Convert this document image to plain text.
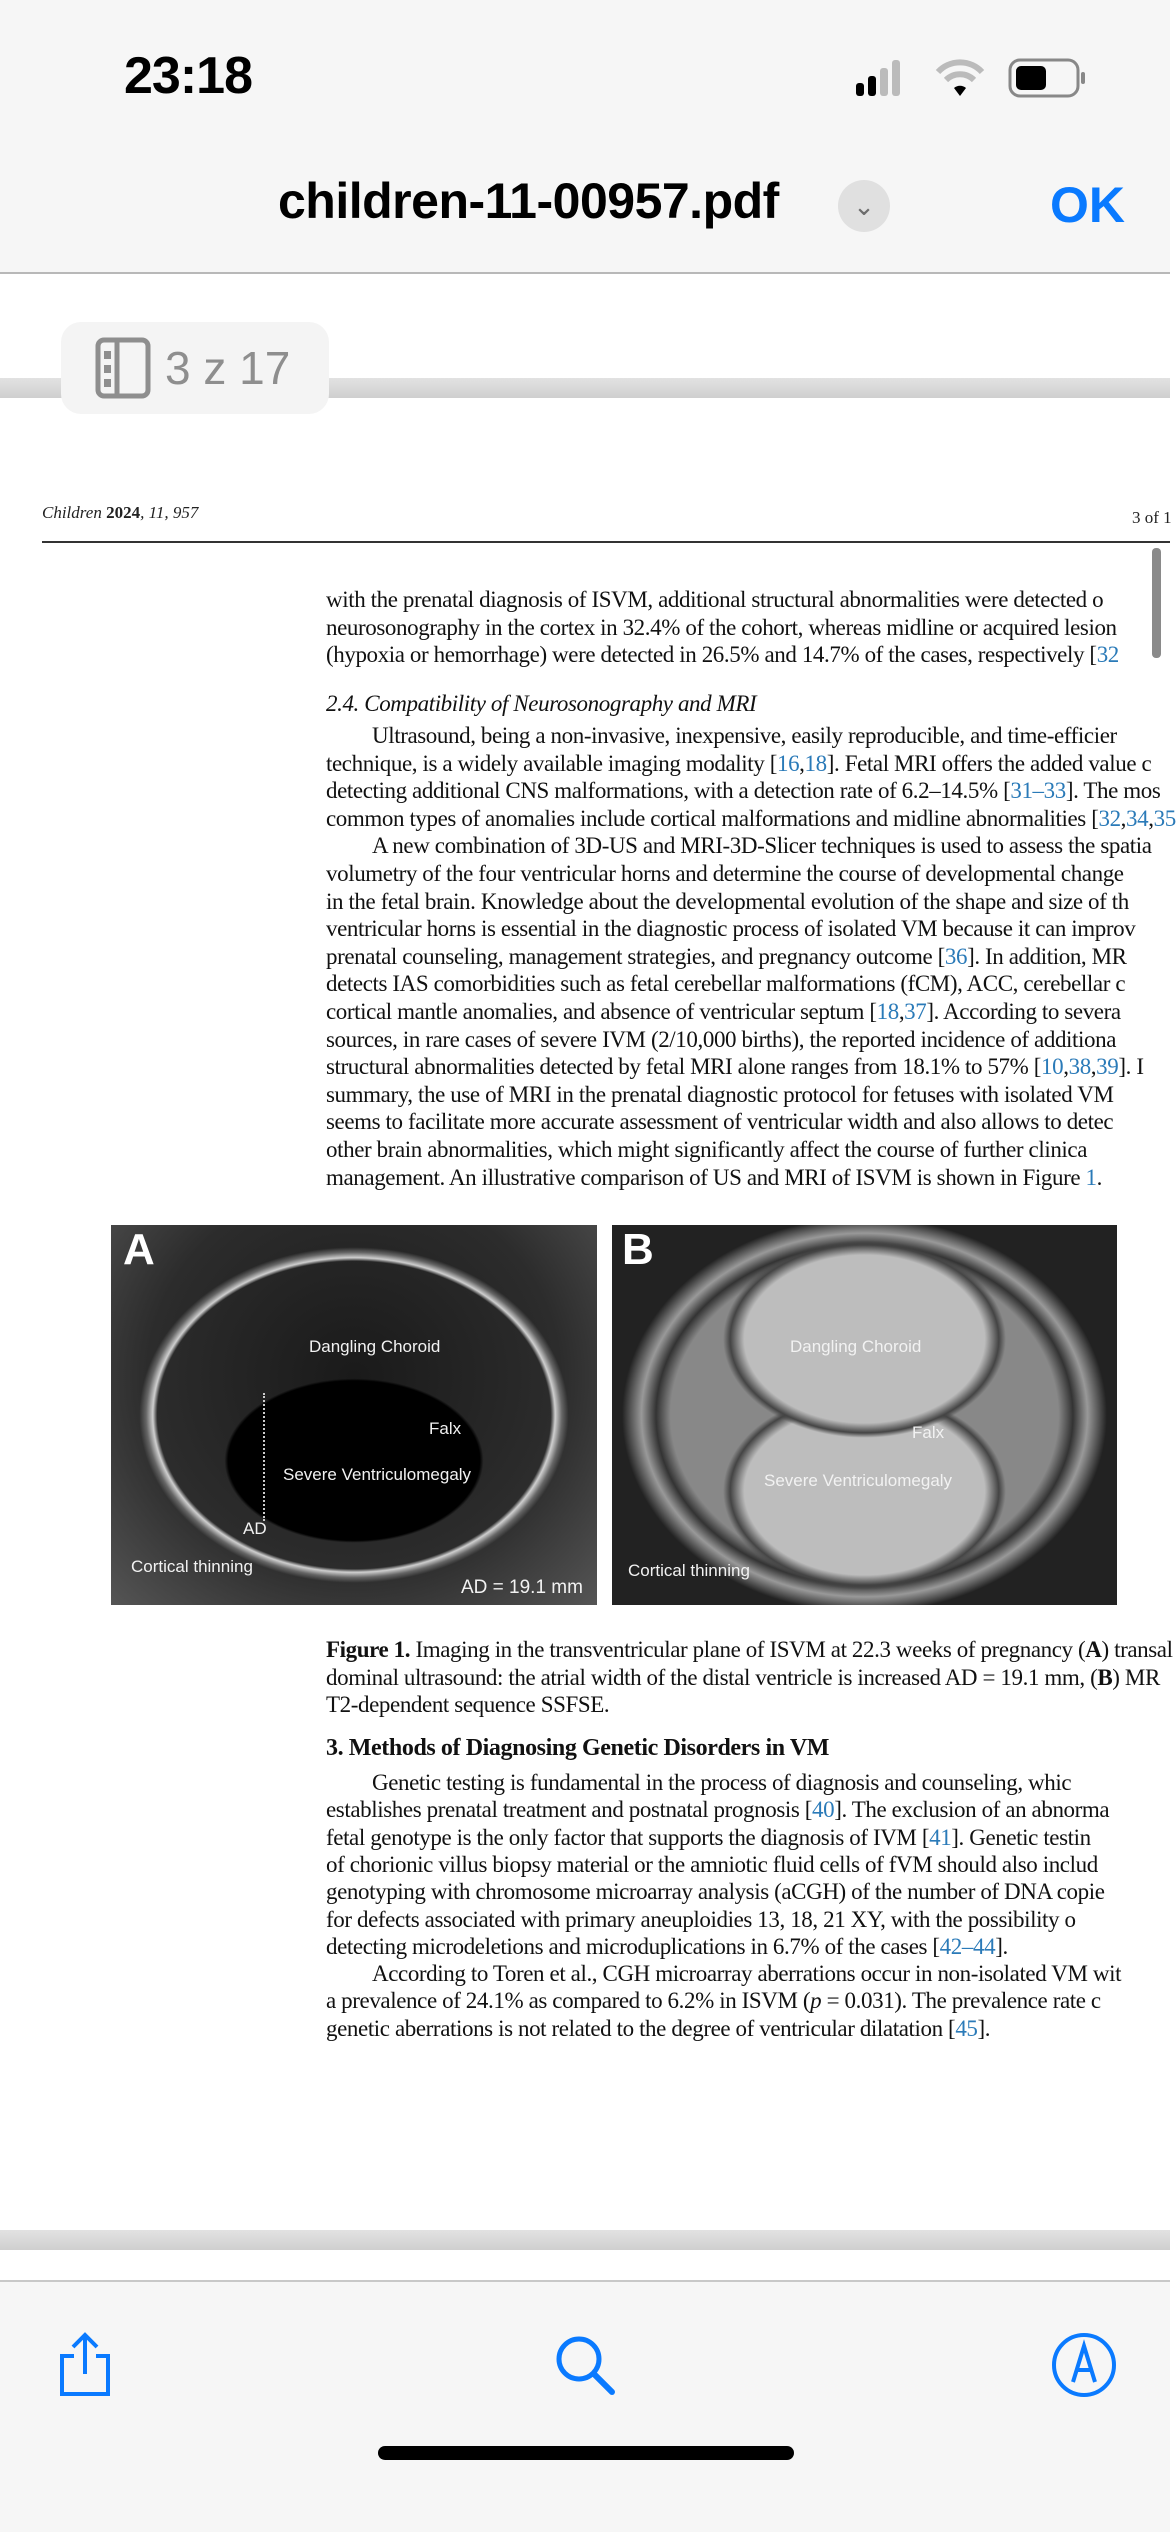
23:18
children-11-00957.pdf	⌄	OK
3 z 17
Children 2024, 11, 957	3 of 1
with the prenatal diagnosis of ISVM, additional structural abnormalities were detected o
neurosonography in the cortex in 32.4% of the cohort, whereas midline or acquired lesion
(hypoxia or hemorrhage) were detected in 26.5% and 14.7% of the cases, respectively [32
Ultrasound, being a non-invasive, inexpensive, easily reproducible, and time-efficier
technique, is a widely available imaging modality [16,18]. Fetal MRI offers the added value c
detecting additional CNS malformations, with a detection rate of 6.2–14.5% [31–33]. The mos
common types of anomalies include cortical malformations and midline abnormalities [32,34,35
A new combination of 3D-US and MRI-3D-Slicer techniques is used to assess the spatia
volumetry of the four ventricular horns and determine the course of developmental change
in the fetal brain. Knowledge about the developmental evolution of the shape and size of th
ventricular horns is essential in the diagnostic process of isolated VM because it can improv
prenatal counseling, management strategies, and pregnancy outcome [36]. In addition, MR
detects IAS comorbidities such as fetal cerebellar malformations (fCM), ACC, cerebellar c
cortical mantle anomalies, and absence of ventricular septum [18,37]. According to severa
sources, in rare cases of severe IVM (2/10,000 births), the reported incidence of additiona
structural abnormalities detected by fetal MRI alone ranges from 18.1% to 57% [10,38,39]. I
summary, the use of MRI in the prenatal diagnostic protocol for fetuses with isolated VM
seems to facilitate more accurate assessment of ventricular width and also allows to detec
other brain abnormalities, which might significantly affect the course of further clinica
management. An illustrative comparison of US and MRI of ISVM is shown in Figure 1.
Figure 1. Imaging in the transventricular plane of ISVM at 22.3 weeks of pregnancy (A) transal
dominal ultrasound: the atrial width of the distal ventricle is increased AD = 19.1 mm, (B) MR
T2-dependent sequence SSFSE.
Genetic testing is fundamental in the process of diagnosis and counseling, whic
establishes prenatal treatment and postnatal prognosis [40]. The exclusion of an abnorma
fetal genotype is the only factor that supports the diagnosis of IVM [41]. Genetic testin
of chorionic villus biopsy material or the amniotic fluid cells of fVM should also includ
genotyping with chromosome microarray analysis (aCGH) of the number of DNA copie
for defects associated with primary aneuploidies 13, 18, 21 XY, with the possibility o
detecting microdeletions and microduplications in 6.7% of the cases [42–44].
According to Toren et al., CGH microarray aberrations occur in non-isolated VM wit
a prevalence of 24.1% as compared to 6.2% in ISVM (p = 0.031). The prevalence rate c
genetic aberrations is not related to the degree of ventricular dilatation [45].
2.4. Compatibility of Neurosonography and MRI
3. Methods of Diagnosing Genetic Disorders in VM
A
Dangling Choroid
Falx
Severe Ventriculomegaly
AD
Cortical thinning
AD = 19.1 mm
B
Dangling Choroid
Falx
Severe Ventriculomegaly
Cortical thinning
